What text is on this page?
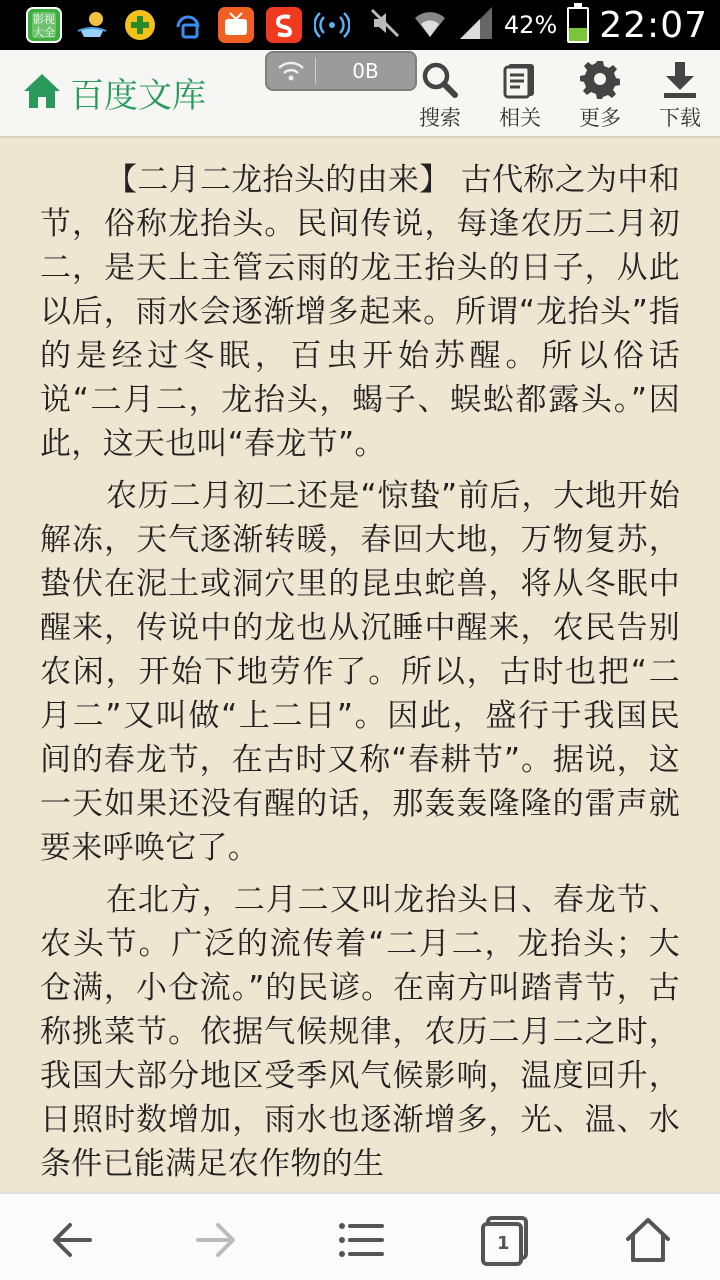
影视大全	42% 22:07
百度文库
0B
搜索	相关	更多	下载

【二月二龙抬头的由来】 古代称之为中和节，俗称龙抬头。民间传说，每逢农历二月初二，是天上主管云雨的龙王抬头的日子，从此以后，雨水会逐渐增多起来。所谓“龙抬头”指的是经过冬眠，百虫开始苏醒。所以俗话说“二月二，龙抬头，蝎子、蜈蚣都露头。”因此，这天也叫“春龙节”。

农历二月初二还是“惊蛰”前后，大地开始解冻，天气逐渐转暖，春回大地，万物复苏，蛰伏在泥土或洞穴里的昆虫蛇兽，将从冬眠中醒来，传说中的龙也从沉睡中醒来，农民告别农闲，开始下地劳作了。所以，古时也把“二月二”又叫做“上二日”。因此，盛行于我国民间的春龙节，在古时又称“春耕节”。据说，这一天如果还没有醒的话，那轰轰隆隆的雷声就要来呼唤它了。

在北方，二月二又叫龙抬头日、春龙节、农头节。广泛的流传着“二月二，龙抬头；大仓满，小仓流。”的民谚。在南方叫踏青节，古称挑菜节。依据气候规律，农历二月二之时，我国大部分地区受季风气候影响，温度回升，日照时数增加，雨水也逐渐增多，光、温、水条件已能满足农作物的生

1
